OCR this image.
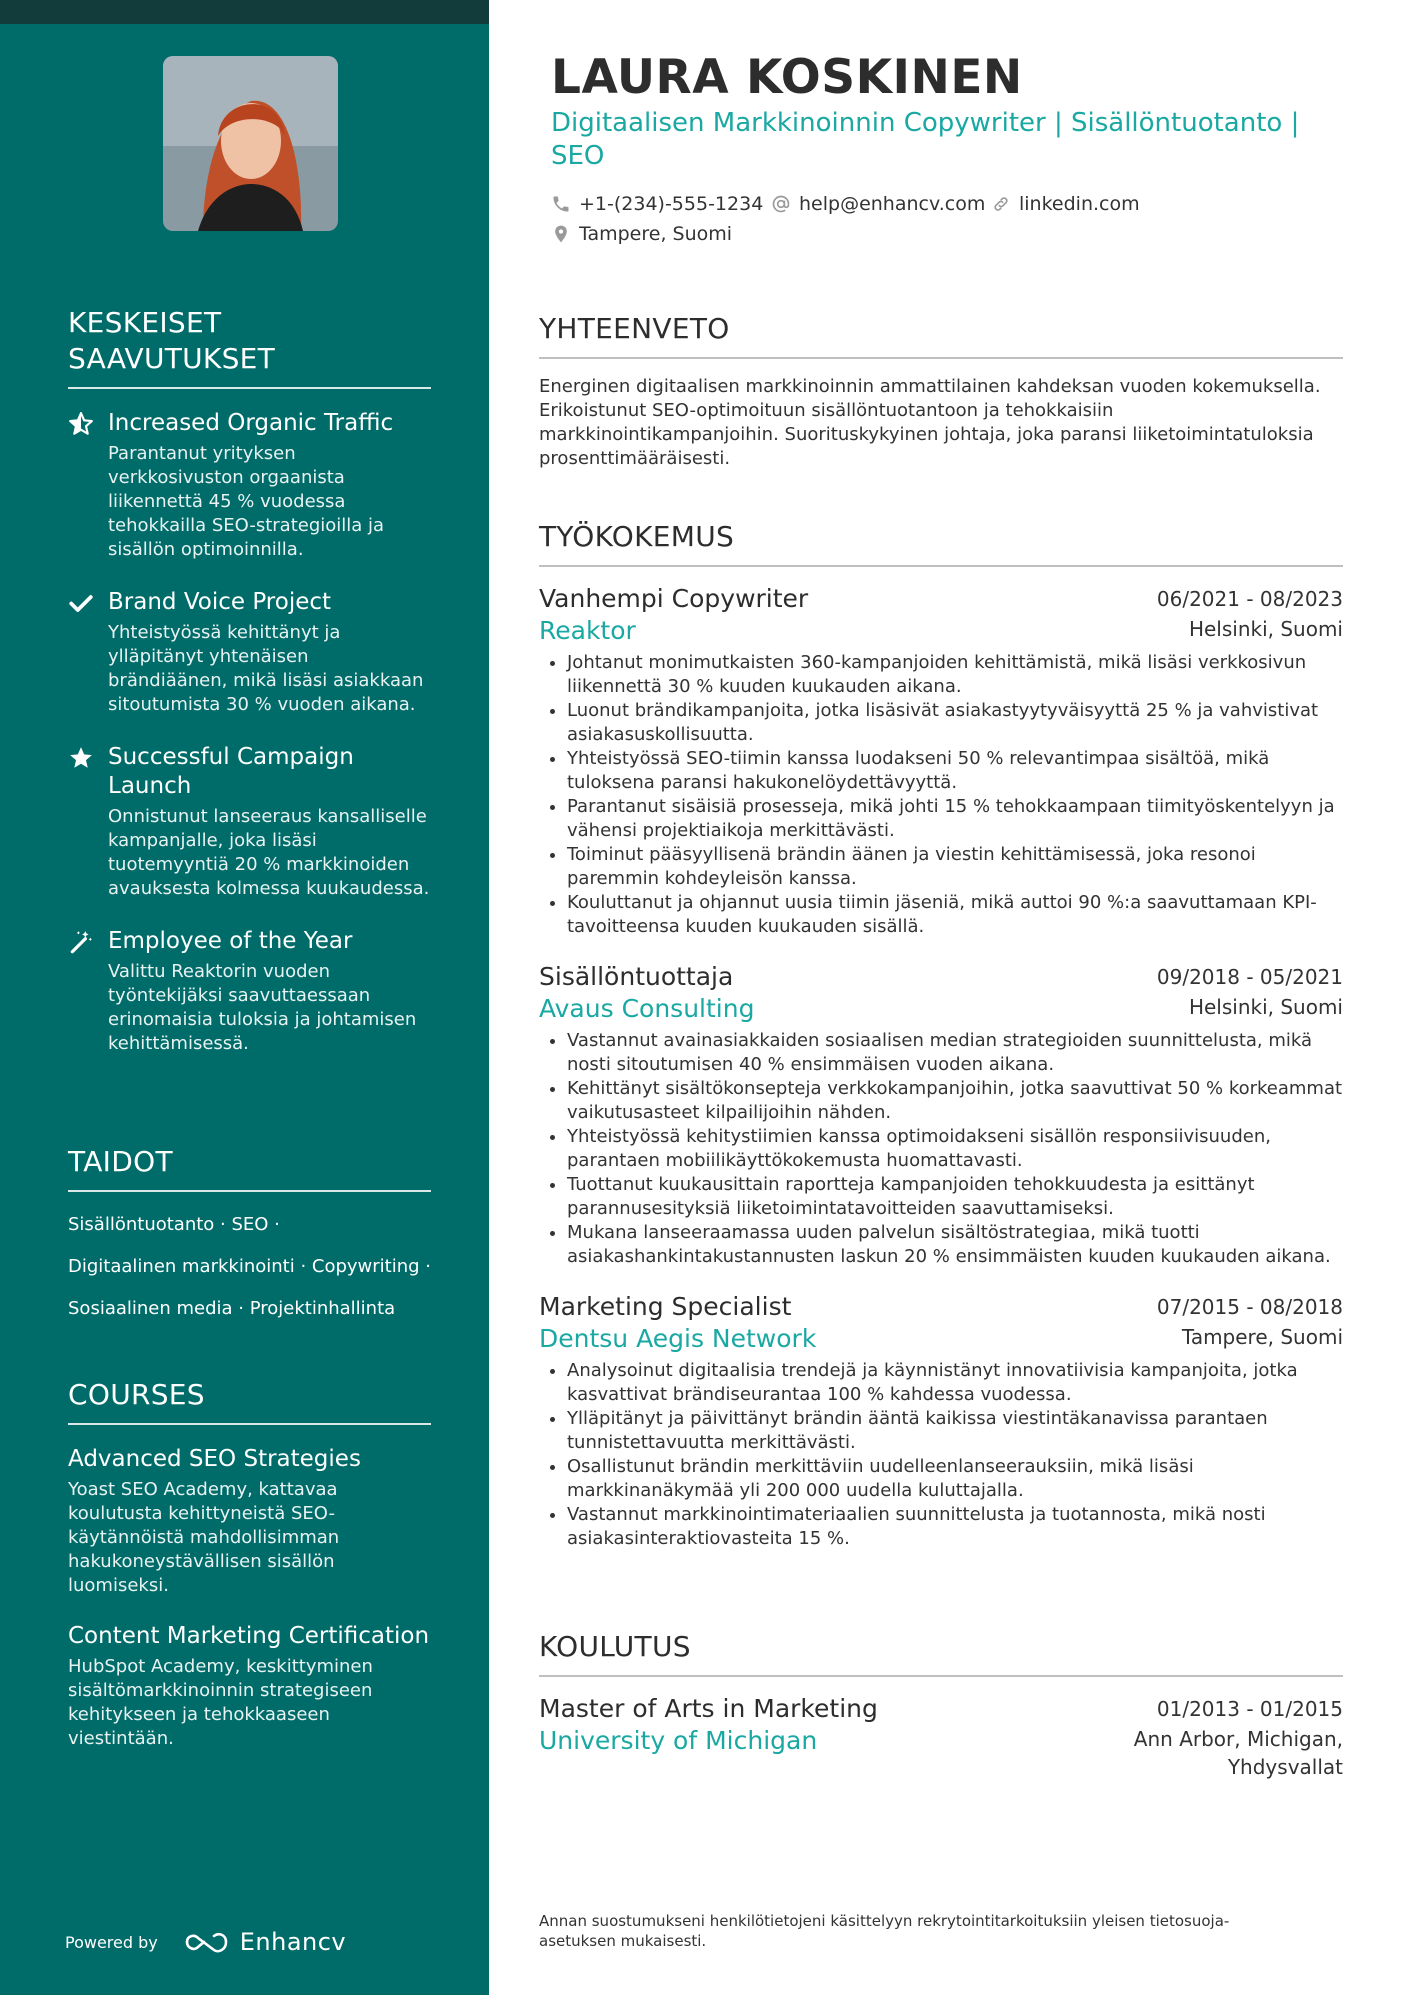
KESKEISET SAAVUTUKSET
Increased Organic Traffic
Parantanut yrityksen verkkosivuston orgaanista liikennettä 45 % vuodessa tehokkailla SEO-strategioilla ja sisällön optimoinnilla.
Brand Voice Project
Yhteistyössä kehittänyt ja ylläpitänyt yhtenäisen brändiäänen, mikä lisäsi asiakkaan sitoutumista 30 % vuoden aikana.
Successful Campaign Launch
Onnistunut lanseeraus kansalliselle kampanjalle, joka lisäsi tuotemyyntiä 20 % markkinoiden avauksesta kolmessa kuukaudessa.
Employee of the Year
Valittu Reaktorin vuoden työntekijäksi saavuttaessaan erinomaisia tuloksia ja johtamisen kehittämisessä.
TAIDOT

Sisällöntuotanto · SEO ·

Digitaalinen markkinointi · Copywriting ·

Sosiaalinen media · Projektinhallinta

COURSES
Advanced SEO Strategies
Yoast SEO Academy, kattavaa koulutusta kehittyneistä SEO-käytännöistä mahdollisimman hakukoneystävällisen sisällön luomiseksi.
Content Marketing Certification
HubSpot Academy, keskittyminen sisältömarkkinoinnin strategiseen kehitykseen ja tehokkaaseen viestintään.
Powered by	Enhancv
LAURA KOSKINEN
Digitaalisen Markkinoinnin Copywriter | Sisällöntuotanto | SEO
+1-(234)-555-1234 help@enhancv.com linkedin.com
Tampere, Suomi
YHTEENVETO
Energinen digitaalisen markkinoinnin ammattilainen kahdeksan vuoden kokemuksella. Erikoistunut SEO-optimoituun sisällöntuotantoon ja tehokkaisiin markkinointikampanjoihin. Suorituskykyinen johtaja, joka paransi liiketoimintatuloksia prosenttimääräisesti.
TYÖKOKEMUS
Vanhempi Copywriter	06/2021 - 08/2023
Reaktor	Helsinki, Suomi
• Johtanut monimutkaisten 360-kampanjoiden kehittämistä, mikä lisäsi verkkosivun liikennettä 30 % kuuden kuukauden aikana.
• Luonut brändikampanjoita, jotka lisäsivät asiakastyytyväisyyttä 25 % ja vahvistivat asiakasuskollisuutta.
• Yhteistyössä SEO-tiimin kanssa luodakseni 50 % relevantimpaa sisältöä, mikä tuloksena paransi hakukonelöydettävyyttä.
• Parantanut sisäisiä prosesseja, mikä johti 15 % tehokkaampaan tiimityöskentelyyn ja vähensi projektiaikoja merkittävästi.
• Toiminut pääsyyllisenä brändin äänen ja viestin kehittämisessä, joka resonoi paremmin kohdeyleisön kanssa.
• Kouluttanut ja ohjannut uusia tiimin jäseniä, mikä auttoi 90 %:a saavuttamaan KPI-tavoitteensa kuuden kuukauden sisällä.
Sisällöntuottaja	09/2018 - 05/2021
Avaus Consulting	Helsinki, Suomi
• Vastannut avainasiakkaiden sosiaalisen median strategioiden suunnittelusta, mikä nosti sitoutumisen 40 % ensimmäisen vuoden aikana.
• Kehittänyt sisältökonsepteja verkkokampanjoihin, jotka saavuttivat 50 % korkeammat vaikutusasteet kilpailijoihin nähden.
• Yhteistyössä kehitystiimien kanssa optimoidakseni sisällön responsiivisuuden, parantaen mobiilikäyttökokemusta huomattavasti.
• Tuottanut kuukausittain raportteja kampanjoiden tehokkuudesta ja esittänyt parannusesityksiä liiketoimintatavoitteiden saavuttamiseksi.
• Mukana lanseeraamassa uuden palvelun sisältöstrategiaa, mikä tuotti asiakashankintakustannusten laskun 20 % ensimmäisten kuuden kuukauden aikana.
Marketing Specialist	07/2015 - 08/2018
Dentsu Aegis Network	Tampere, Suomi
• Analysoinut digitaalisia trendejä ja käynnistänyt innovatiivisia kampanjoita, jotka kasvattivat brändiseurantaa 100 % kahdessa vuodessa.
• Ylläpitänyt ja päivittänyt brändin ääntä kaikissa viestintäkanavissa parantaen tunnistettavuutta merkittävästi.
• Osallistunut brändin merkittäviin uudelleenlanseerauksiin, mikä lisäsi markkinanäkymää yli 200 000 uudella kuluttajalla.
• Vastannut markkinointimateriaalien suunnittelusta ja tuotannosta, mikä nosti asiakasinteraktiovasteita 15 %.
KOULUTUS
Master of Arts in Marketing	01/2013 - 01/2015
University of Michigan	Ann Arbor, Michigan,
Yhdysvallat
Annan suostumukseni henkilötietojeni käsittelyyn rekrytointitarkoituksiin yleisen tietosuoja-asetuksen mukaisesti.
